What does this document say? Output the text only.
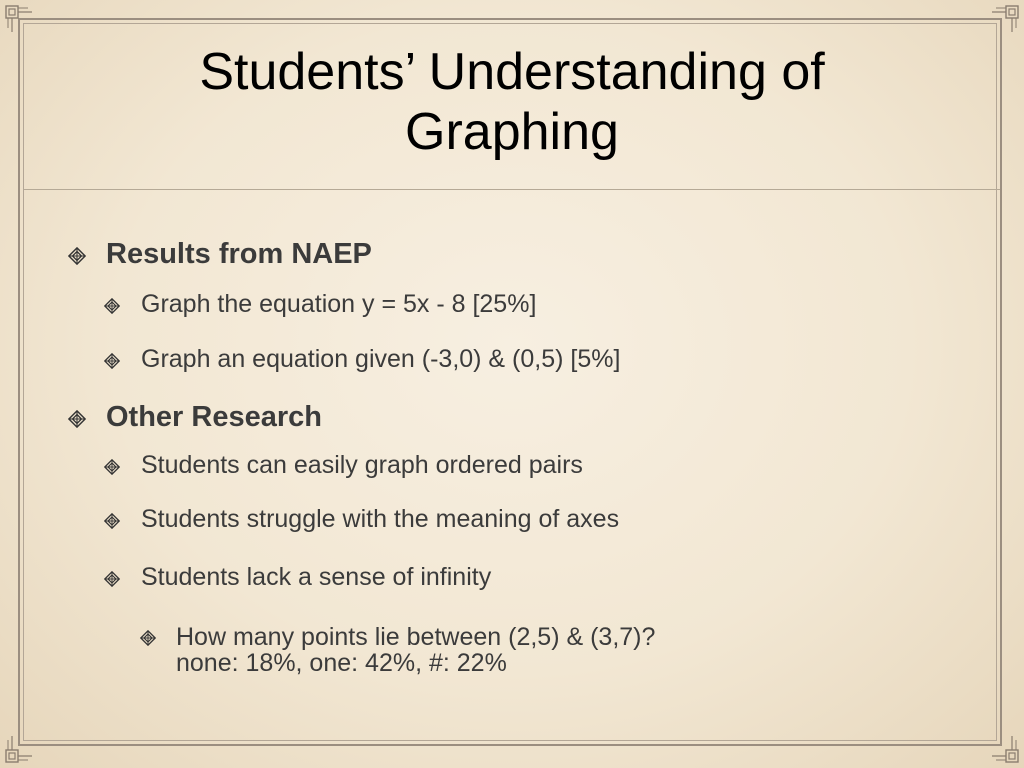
Students’ Understanding of
Graphing
Results from NAEP
Graph the equation y = 5x - 8 [25%]
Graph an equation given (-3,0) & (0,5) [5%]
Other Research
Students can easily graph ordered pairs
Students struggle with the meaning of axes
Students lack a sense of infinity
How many points lie between (2,5) & (3,7)?
none: 18%, one: 42%, #: 22%
